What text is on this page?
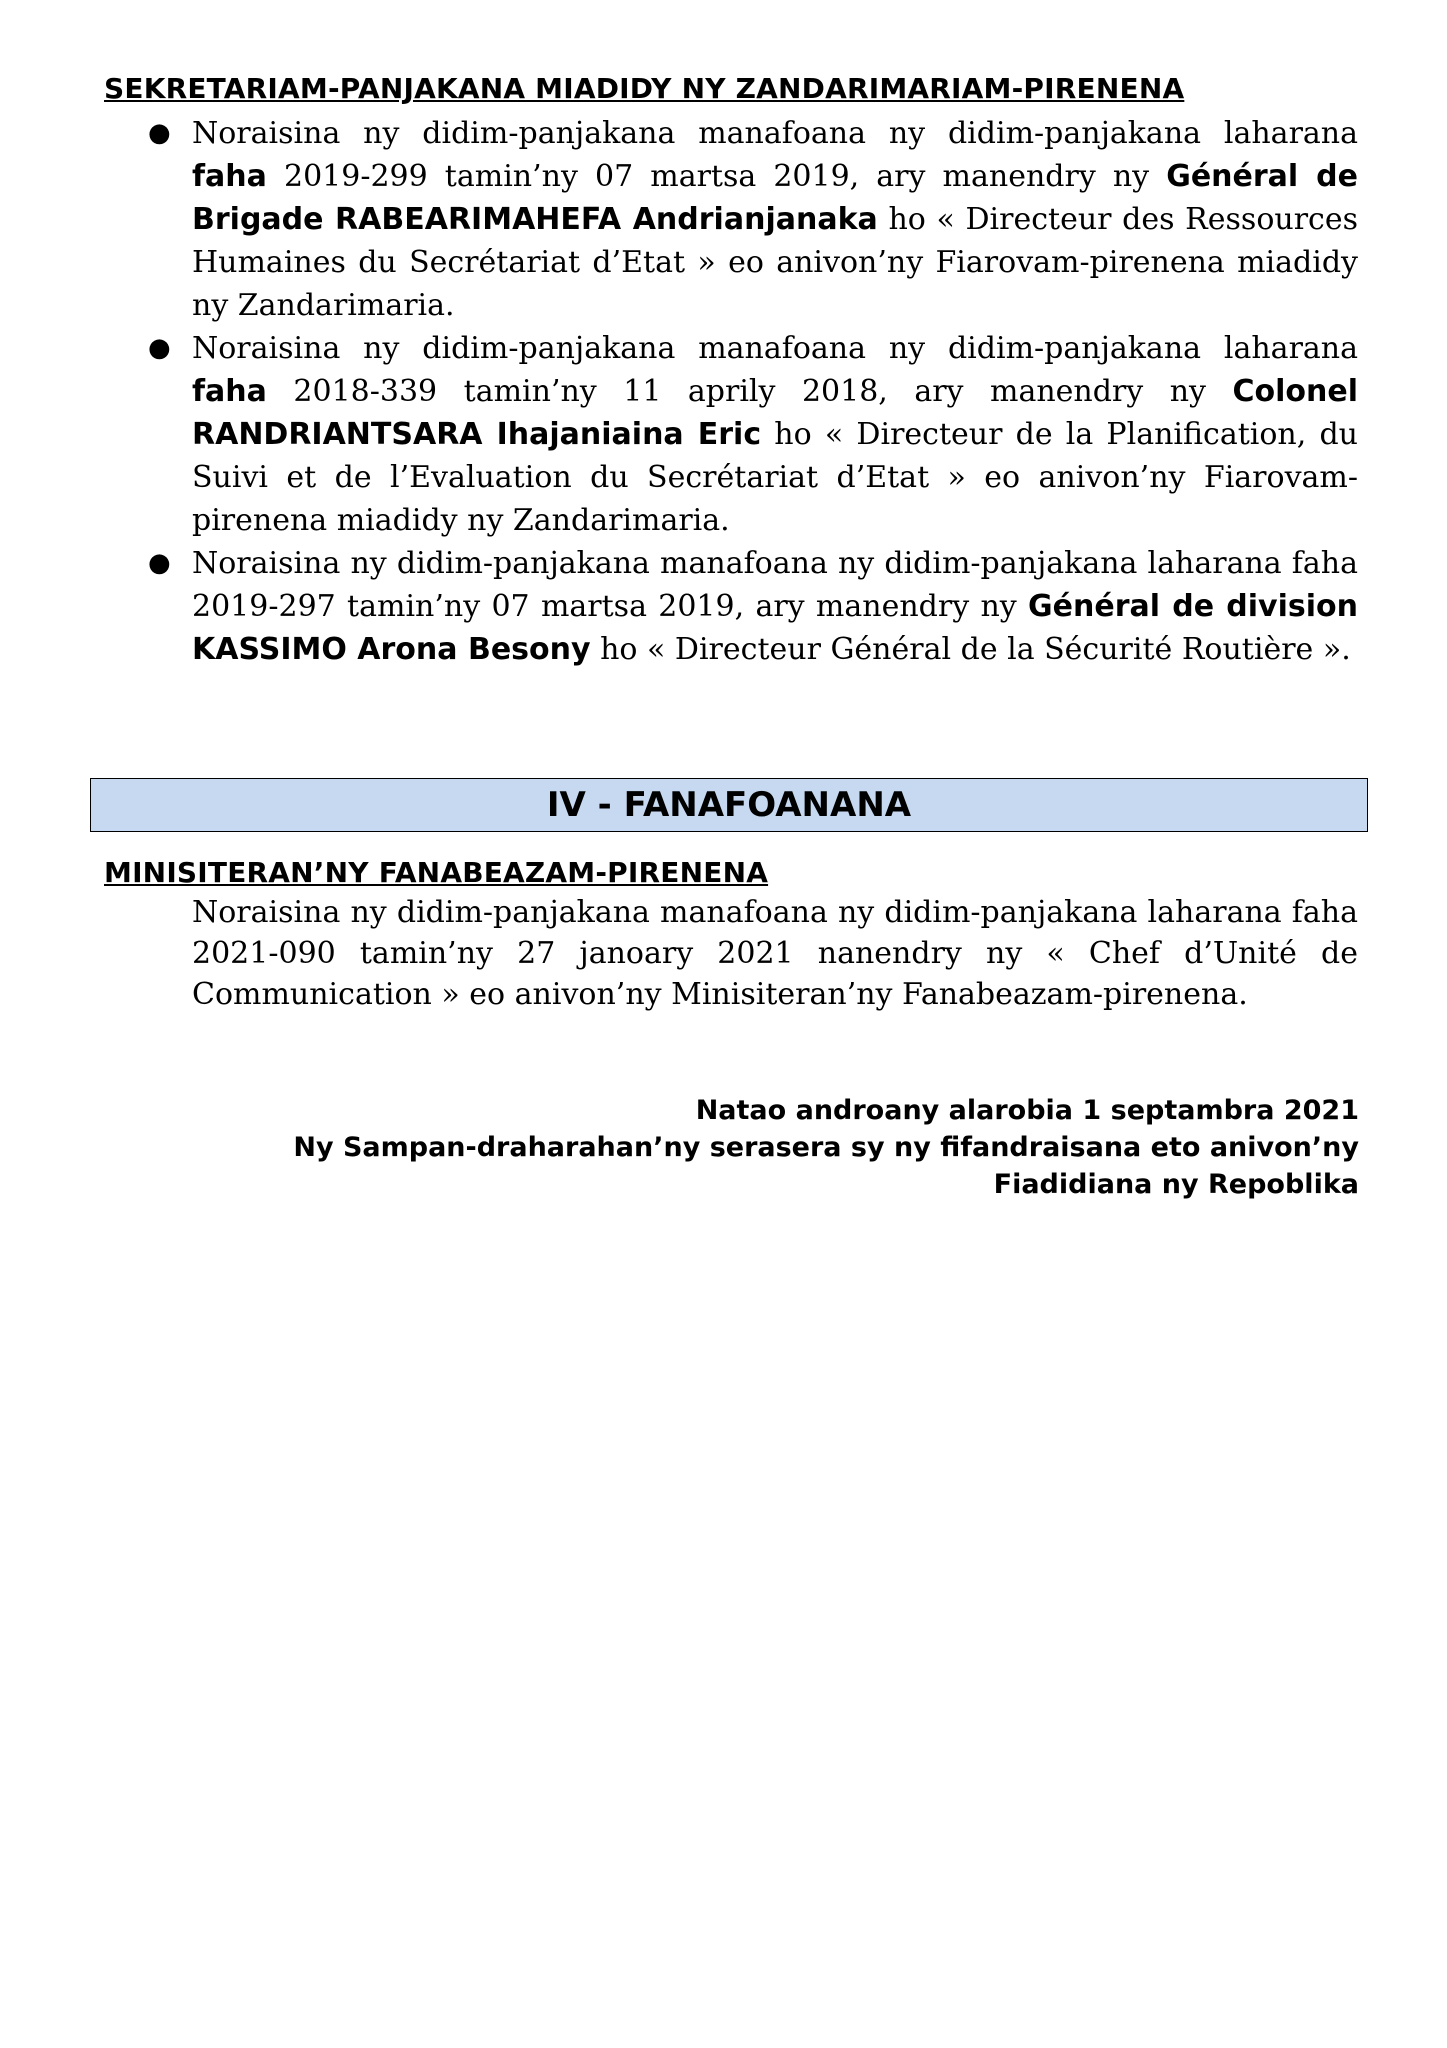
SEKRETARIAM-PANJAKANA MIADIDY NY ZANDARIMARIAM-PIRENENA
● Noraisina ny didim-panjakana manafoana ny didim-panjakana laharana faha 2019-299 tamin’ny 07 martsa 2019, ary manendry ny Général de Brigade RABEARIMAHEFA Andrianjanaka ho « Directeur des Ressources Humaines du Secrétariat d’Etat » eo anivon’ny Fiarovam-pirenena miadidy ny Zandarimaria.
● Noraisina ny didim-panjakana manafoana ny didim-panjakana laharana faha 2018-339 tamin’ny 11 aprily 2018, ary manendry ny Colonel RANDRIANTSARA Ihajaniaina Eric ho « Directeur de la Planification, du Suivi et de l’Evaluation du Secrétariat d’Etat » eo anivon’ny Fiarovam-pirenena miadidy ny Zandarimaria.
● Noraisina ny didim-panjakana manafoana ny didim-panjakana laharana faha 2019-297 tamin’ny 07 martsa 2019, ary manendry ny Général de division KASSIMO Arona Besony ho « Directeur Général de la Sécurité Routière ».
IV - FANAFOANANA
MINISITERAN’NY FANABEAZAM-PIRENENA

Noraisina ny didim-panjakana manafoana ny didim-panjakana laharana faha 2021-090 tamin’ny 27 janoary 2021 nanendry ny « Chef d’Unité de Communication » eo anivon’ny Minisiteran’ny Fanabeazam-pirenena.

Natao androany alarobia 1 septambra 2021
Ny Sampan-draharahan’ny serasera sy ny fifandraisana eto anivon’ny
Fiadidiana ny Repoblika
